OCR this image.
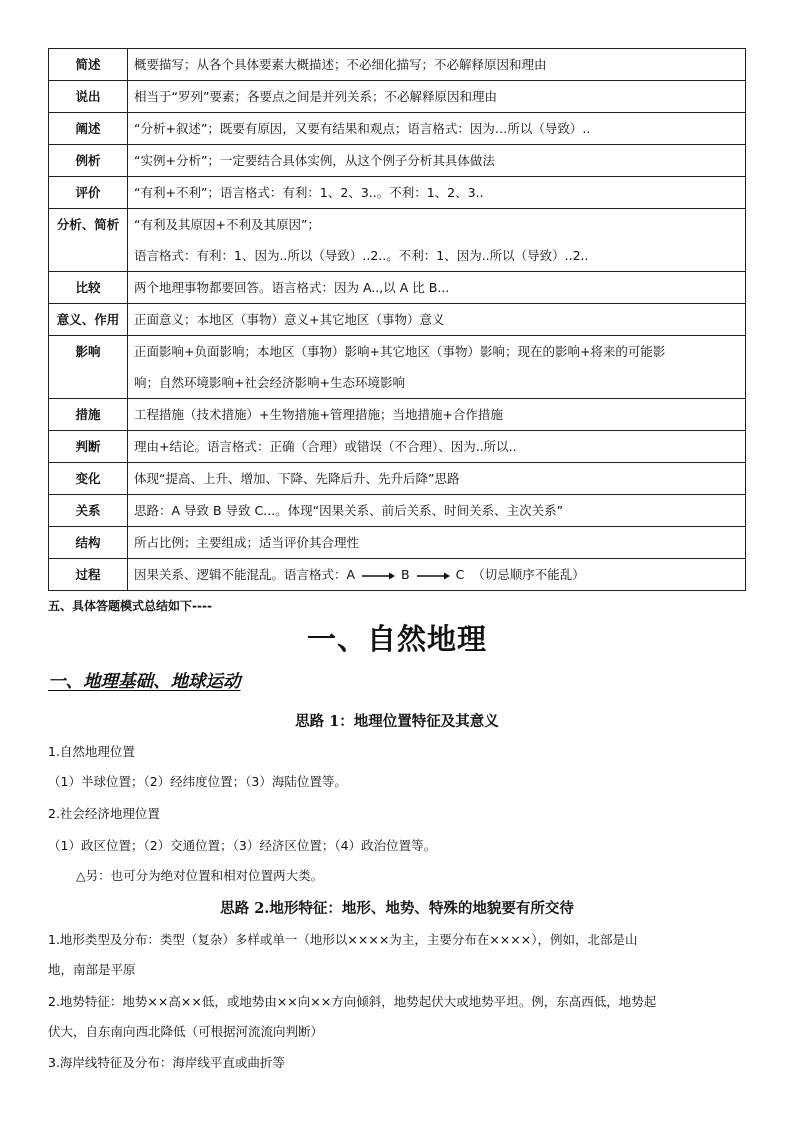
简述	概要描写；从各个具体要素大概描述；不必细化描写；不必解释原因和理由

说出	相当于“罗列”要素；各要点之间是并列关系；不必解释原因和理由

阐述	“分析+叙述”；既要有原因，又要有结果和观点；语言格式：因为…所以（导致）..

例析	“实例+分析”；一定要结合具体实例，从这个例子分析其具体做法

评价	“有利+不利”；语言格式：有利：1、2、3..。不利：1、2、3..

分析、简析	“有利及其原因+不利及其原因”；
语言格式：有利：1、因为..所以（导致）..2..。不利：1、因为..所以（导致）..2..

比较	两个地理事物都要回答。语言格式：因为 A..,以 A 比 B...

意义、作用	正面意义；本地区（事物）意义+其它地区（事物）意义

影响	正面影响+负面影响；本地区（事物）影响+其它地区（事物）影响；现在的影响+将来的可能影
响；自然环境影响+社会经济影响+生态环境影响

措施	工程措施（技术措施）+生物措施+管理措施；当地措施+合作措施

判断	理由+结论。语言格式：正确（合理）或错误（不合理）、因为..所以..

变化	体现“提高、上升、增加、下降、先降后升、先升后降”思路

关系	思路：A 导致 B 导致 C...。体现“因果关系、前后关系、时间关系、主次关系”

结构	所占比例；主要组成；适当评价其合理性

过程	因果关系、逻辑不能混乱。语言格式：A B C （切忌顺序不能乱）
五、具体答题模式总结如下----
一、自然地理
一、地理基础、地球运动
思路 1：地理位置特征及其意义
1.自然地理位置
（1）半球位置；（2）经纬度位置；（3）海陆位置等。
2.社会经济地理位置
（1）政区位置；（2）交通位置；（3）经济区位置；（4）政治位置等。
△另：也可分为绝对位置和相对位置两大类。
思路 2.地形特征：地形、地势、特殊的地貌要有所交待
1.地形类型及分布：类型（复杂）多样或单一（地形以××××为主，主要分布在××××），例如，北部是山
地，南部是平原
2.地势特征：地势××高××低，或地势由××向××方向倾斜，地势起伏大或地势平坦。例，东高西低，地势起
伏大，自东南向西北降低（可根据河流流向判断）
3.海岸线特征及分布：海岸线平直或曲折等
